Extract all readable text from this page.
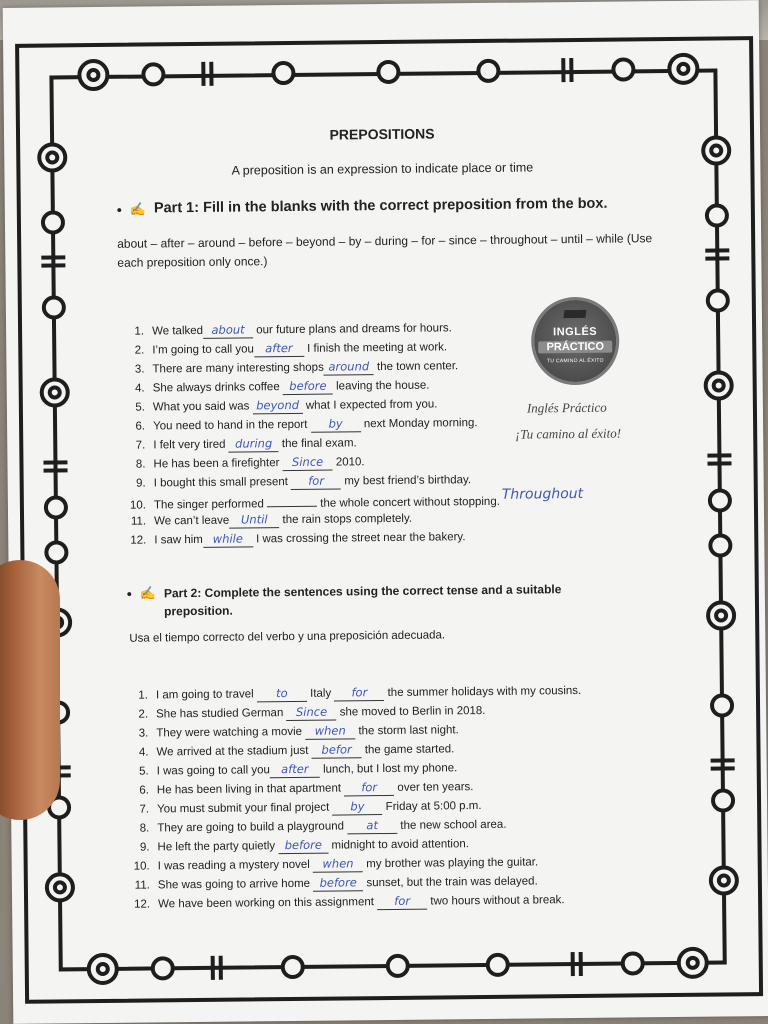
PREPOSITIONS
A preposition is an expression to indicate place or time
• ✍ Part 1: Fill in the blanks with the correct preposition from the box.
about – after – around – before – beyond – by – during – for – since – throughout – until – while (Use each preposition only once.)
1. We talked about our future plans and dreams for hours.
2. I’m going to call you after I finish the meeting at work.
3. There are many interesting shops around the town center.
4. She always drinks coffee before leaving the house.
5. What you said was beyond what I expected from you.
6. You need to hand in the report by next Monday morning.
7. I felt very tired during the final exam.
8. He has been a firefighter Since 2010.
9. I bought this small present for my best friend’s birthday.
10. The singer performed	the whole concert without stopping. Throughout
11. We can’t leave Until the rain stops completely.
12. I saw him while I was crossing the street near the bakery.
INGLÉS
PRÁCTICO
TU CAMINO AL ÉXITO
Inglés Práctico
¡Tu camino al éxito!
• ✍ Part 2: Complete the sentences using the correct tense and a suitable preposition.
Usa el tiempo correcto del verbo y una preposición adecuada.
1. I am going to travel to Italy for the summer holidays with my cousins.
2. She has studied German Since she moved to Berlin in 2018.
3. They were watching a movie when the storm last night.
4. We arrived at the stadium just befor the game started.
5. I was going to call you after lunch, but I lost my phone.
6. He has been living in that apartment for over ten years.
7. You must submit your final project by Friday at 5:00 p.m.
8. They are going to build a playground at the new school area.
9. He left the party quietly before midnight to avoid attention.
10. I was reading a mystery novel when my brother was playing the guitar.
11. She was going to arrive home before sunset, but the train was delayed.
12. We have been working on this assignment for two hours without a break.
